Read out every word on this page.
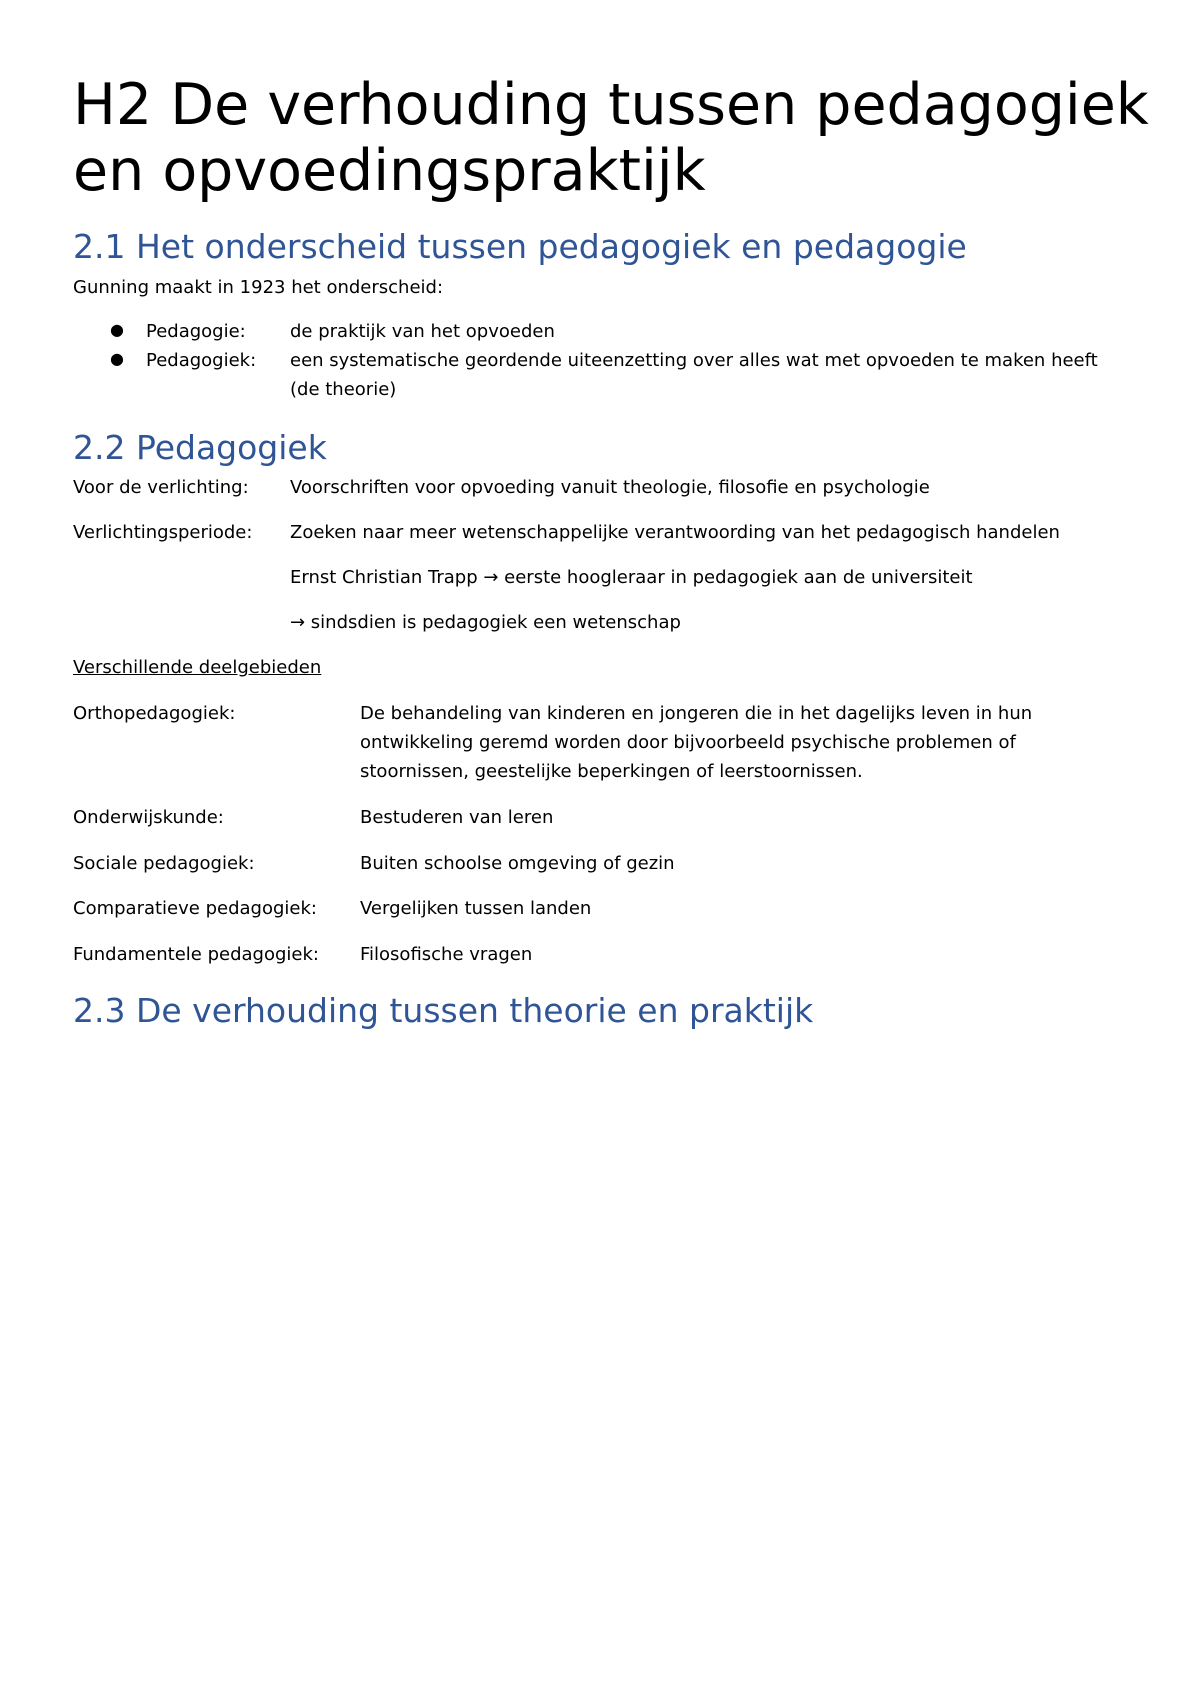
H2 De verhouding tussen pedagogiek
en opvoedingspraktijk
2.1 Het onderscheid tussen pedagogiek en pedagogie
Gunning maakt in 1923 het onderscheid:
● Pedagogie: de praktijk van het opvoeden
● Pedagogiek: een systematische geordende uiteenzetting over alles wat met opvoeden te maken heeft
(de theorie)
2.2 Pedagogiek
Voor de verlichting: Voorschriften voor opvoeding vanuit theologie, filosofie en psychologie
Verlichtingsperiode: Zoeken naar meer wetenschappelijke verantwoording van het pedagogisch handelen
Ernst Christian Trapp → eerste hoogleraar in pedagogiek aan de universiteit
→ sindsdien is pedagogiek een wetenschap
Verschillende deelgebieden
Orthopedagogiek:	De behandeling van kinderen en jongeren die in het dagelijks leven in hun
ontwikkeling geremd worden door bijvoorbeeld psychische problemen of
stoornissen, geestelijke beperkingen of leerstoornissen.
Onderwijskunde:	Bestuderen van leren
Sociale pedagogiek:	Buiten schoolse omgeving of gezin
Comparatieve pedagogiek: Vergelijken tussen landen
Fundamentele pedagogiek: Filosofische vragen
2.3 De verhouding tussen theorie en praktijk
